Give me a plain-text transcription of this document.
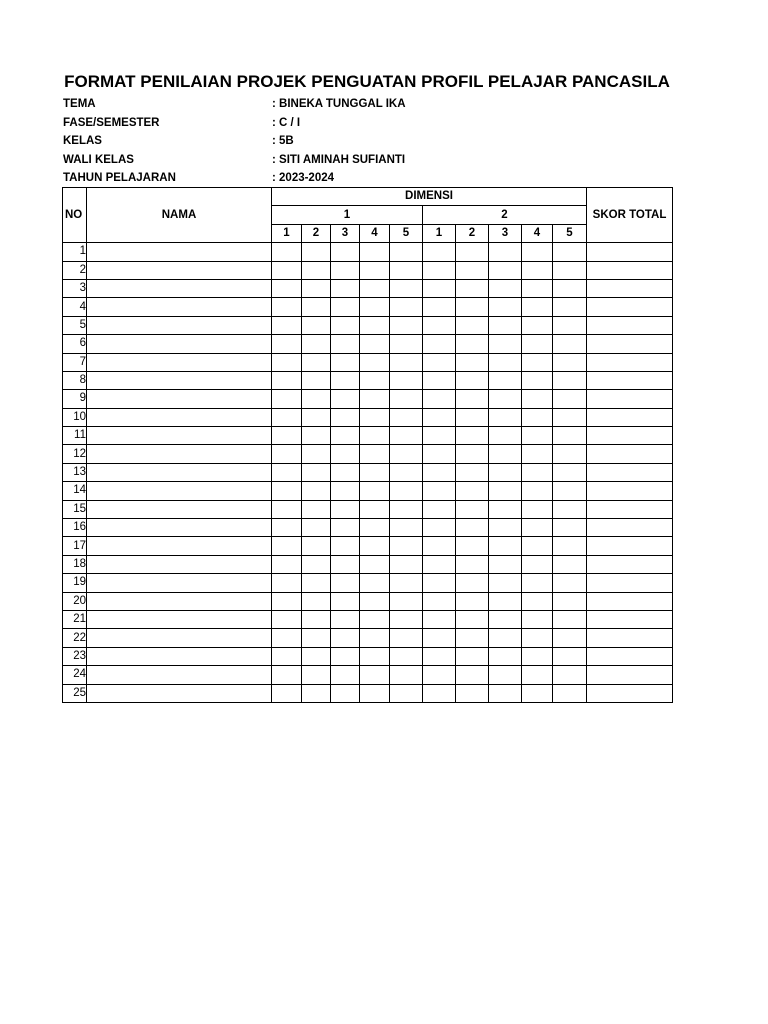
FORMAT PENILAIAN PROJEK PENGUATAN PROFIL PELAJAR PANCASILA
TEMA	: BINEKA TUNGGAL IKA
FASE/SEMESTER	: C / I
KELAS	: 5B
WALI KELAS	: SITI AMINAH SUFIANTI
TAHUN PELAJARAN	: 2023-2024
NO	NAMA	DIMENSI										SKOR TOTAL
		1					2					
		1	2	3	4	5	1	2	3	4	5	
1												
2												
3												
4												
5												
6												
7												
8												
9												
10												
11												
12												
13												
14												
15												
16												
17												
18												
19												
20												
21												
22												
23												
24												
25												
